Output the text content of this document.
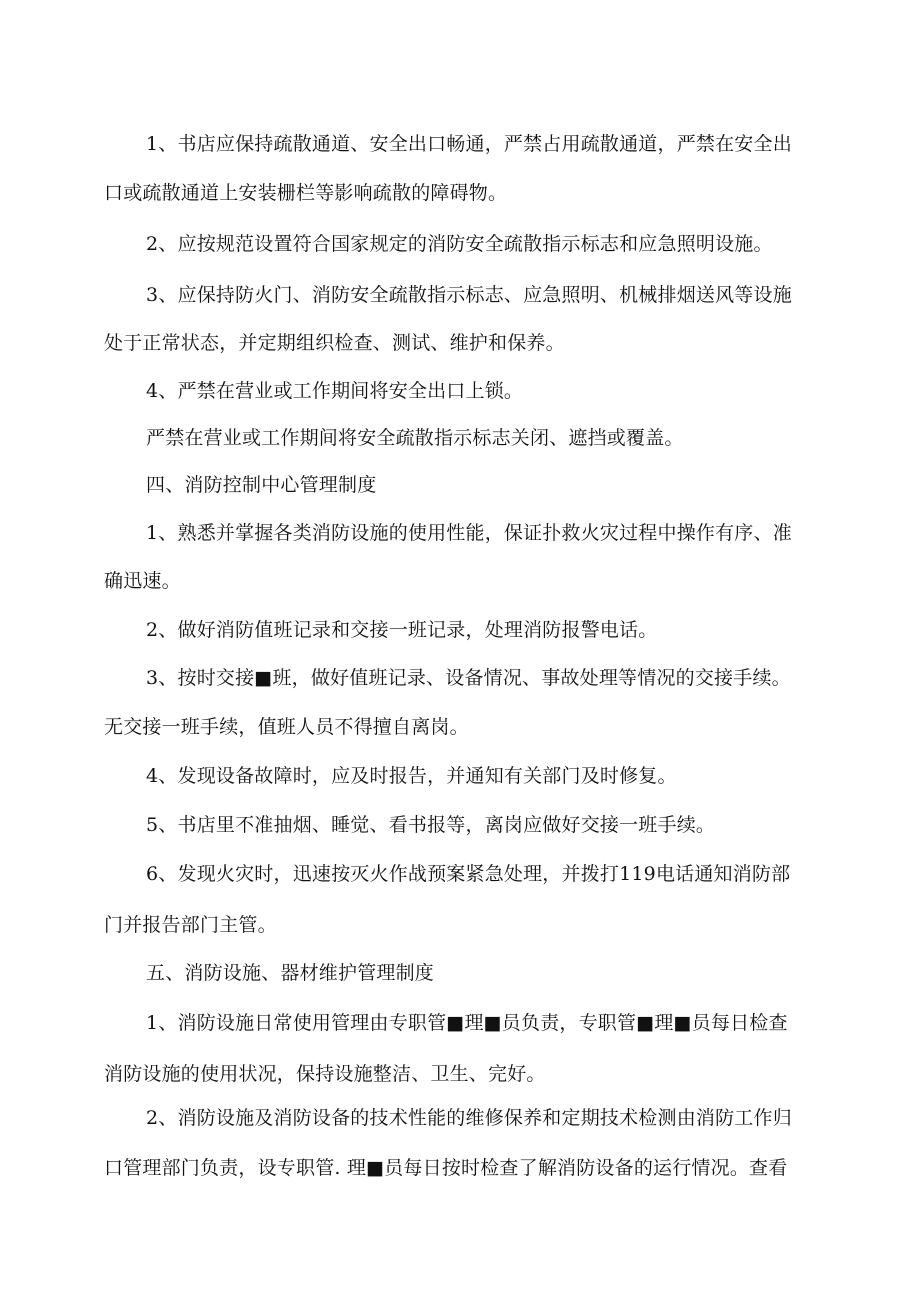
1、书店应保持疏散通道、安全出口畅通，严禁占用疏散通道，严禁在安全出
口或疏散通道上安装栅栏等影响疏散的障碍物。
2、应按规范设置符合国家规定的消防安全疏散指示标志和应急照明设施。
3、应保持防火门、消防安全疏散指示标志、应急照明、机械排烟送风等设施
处于正常状态，并定期组织检查、测试、维护和保养。
4、严禁在营业或工作期间将安全出口上锁。
严禁在营业或工作期间将安全疏散指示标志关闭、遮挡或覆盖。
四、消防控制中心管理制度
1、熟悉并掌握各类消防设施的使用性能，保证扑救火灾过程中操作有序、准
确迅速。
2、做好消防值班记录和交接一班记录，处理消防报警电话。
3、按时交接■班，做好值班记录、设备情况、事故处理等情况的交接手续。
无交接一班手续，值班人员不得擅自离岗。
4、发现设备故障时，应及时报告，并通知有关部门及时修复。
5、书店里不准抽烟、睡觉、看书报等，离岗应做好交接一班手续。
6、发现火灾时，迅速按灭火作战预案紧急处理，并拨打119电话通知消防部
门并报告部门主管。
五、消防设施、器材维护管理制度
1、消防设施日常使用管理由专职管■理■员负责，专职管■理■员每日检查
消防设施的使用状况，保持设施整洁、卫生、完好。
2、消防设施及消防设备的技术性能的维修保养和定期技术检测由消防工作归
口管理部门负责，设专职管. 理■员每日按时检查了解消防设备的运行情况。查看
